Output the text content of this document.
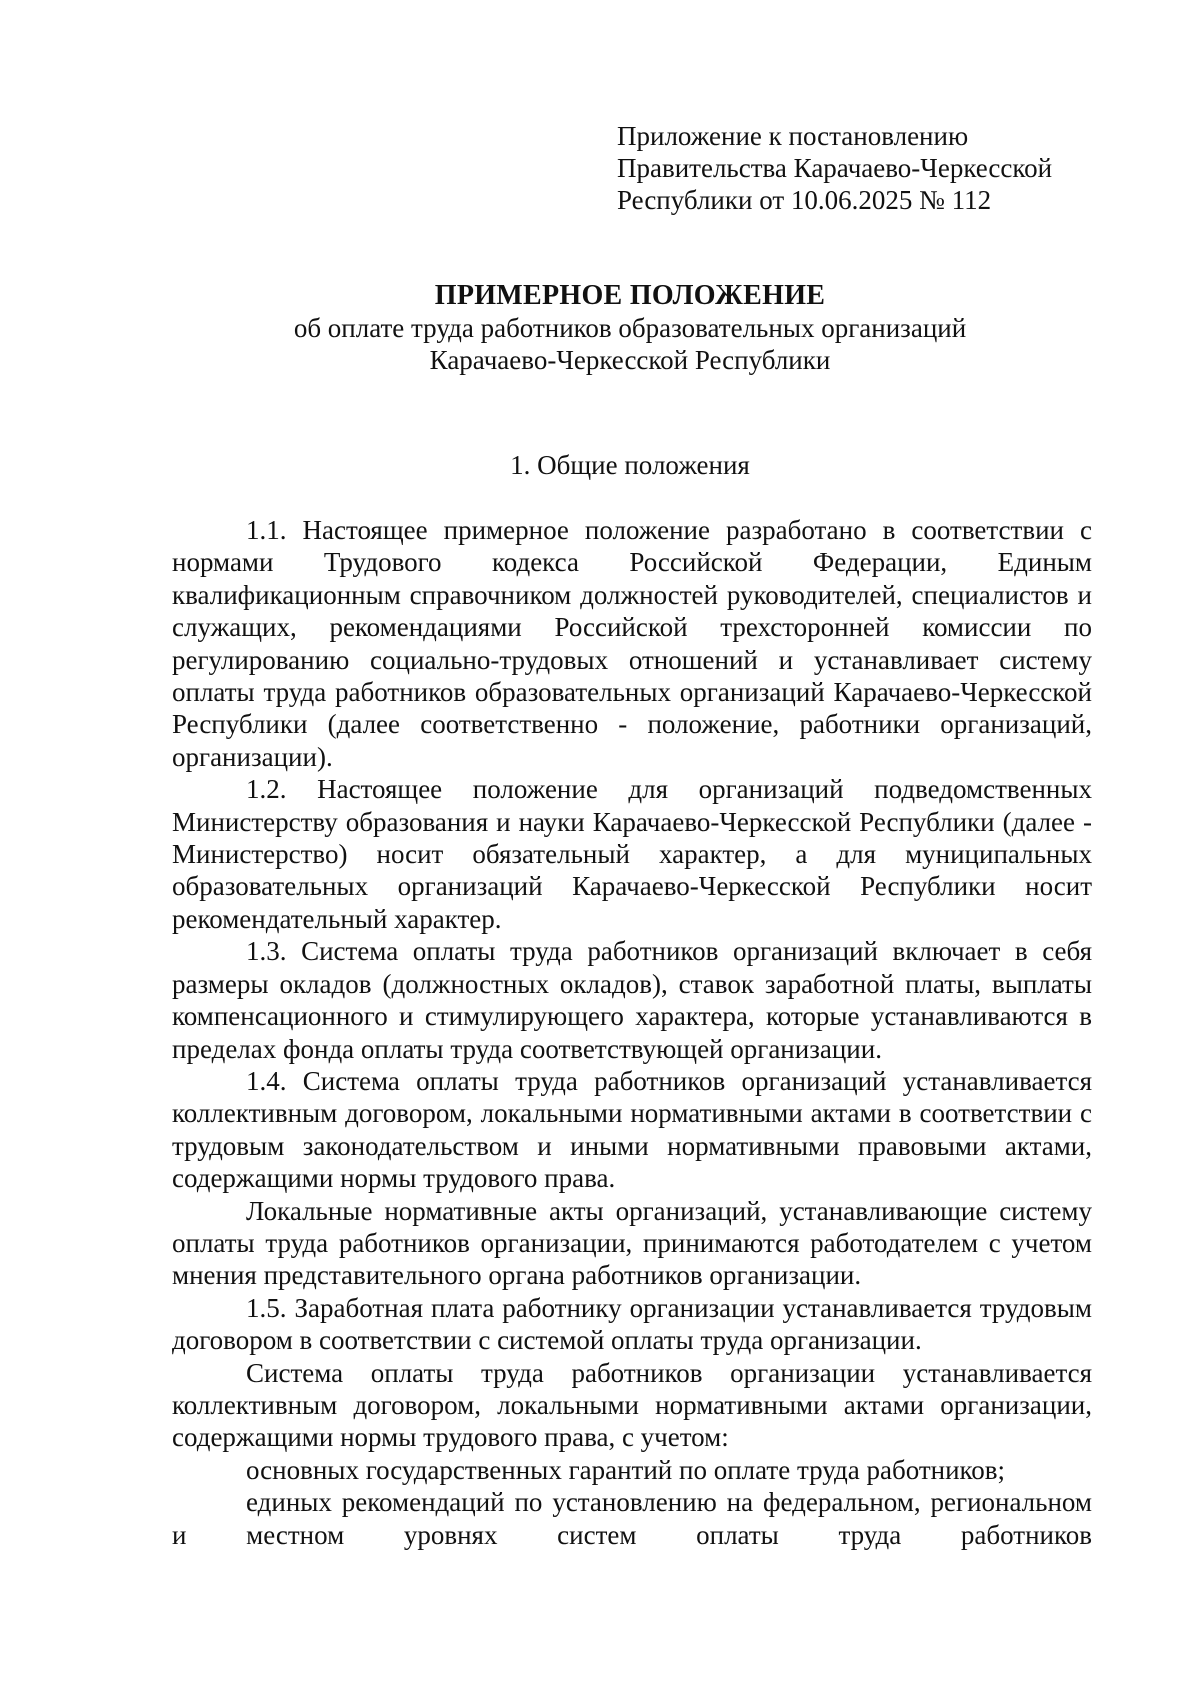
Приложение к постановлению
Правительства Карачаево-Черкесской
Республики от 10.06.2025 № 112
ПРИМЕРНОЕ ПОЛОЖЕНИЕ
об оплате труда работников образовательных организаций
Карачаево-Черкесской Республики
1. Общие положения

1.1. Настоящее примерное положение разработано в соответствии с нормами Трудового кодекса Российской Федерации, Единым квалификационным справочником должностей руководителей, специалистов и служащих, рекомендациями Российской трехсторонней комиссии по регулированию социально-трудовых отношений и устанавливает систему оплаты труда работников образовательных организаций Карачаево-Черкесской Республики (далее соответственно - положение, работники организаций, организации).

1.2. Настоящее положение для организаций подведомственных Министерству образования и науки Карачаево-Черкесской Республики (далее - Министерство) носит обязательный характер, а для муниципальных образовательных организаций Карачаево-Черкесской Республики носит рекомендательный характер.

1.3. Система оплаты труда работников организаций включает в себя размеры окладов (должностных окладов), ставок заработной платы, выплаты компенсационного и стимулирующего характера, которые устанавливаются в пределах фонда оплаты труда соответствующей организации.

1.4. Система оплаты труда работников организаций устанавливается коллективным договором, локальными нормативными актами в соответствии с трудовым законодательством и иными нормативными правовыми актами, содержащими нормы трудового права.

Локальные нормативные акты организаций, устанавливающие систему оплаты труда работников организации, принимаются работодателем с учетом мнения представительного органа работников организации.

1.5. Заработная плата работнику организации устанавливается трудовым договором в соответствии с системой оплаты труда организации.

Система оплаты труда работников организации устанавливается коллективным договором, локальными нормативными актами организации, содержащими нормы трудового права, с учетом:

основных государственных гарантий по оплате труда работников;

единых рекомендаций по установлению на федеральном, региональном и местном уровнях систем оплаты труда работников
